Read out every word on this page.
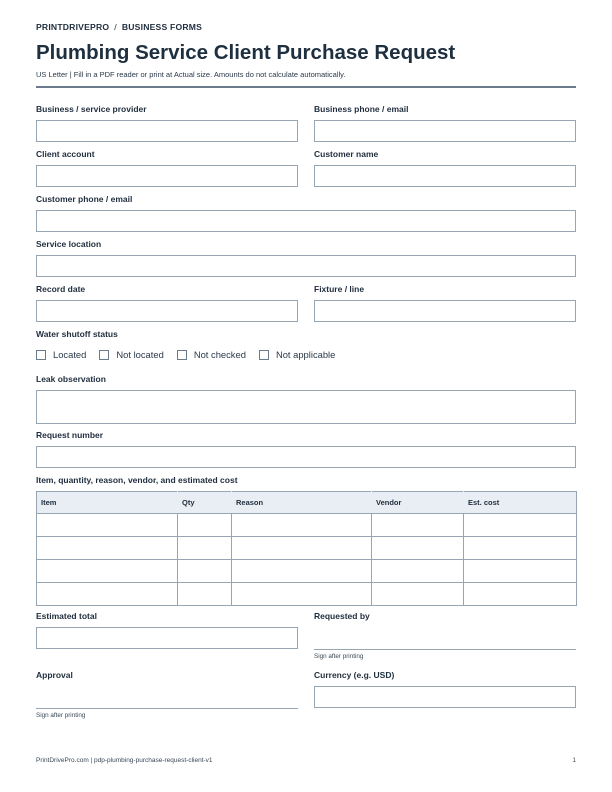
PRINTDRIVEPRO / BUSINESS FORMS
Plumbing Service Client Purchase Request
US Letter | Fill in a PDF reader or print at Actual size. Amounts do not calculate automatically.
Business / service provider	Business phone / email
Client account	Customer name
Customer phone / email
Service location
Record date	Fixture / line
Water shutoff status
Located	Not located	Not checked	Not applicable
Leak observation
Request number
Item, quantity, reason, vendor, and estimated cost
Item	Qty	Reason	Vendor	Est. cost

Estimated total	Requested by
Sign after printing
Approval
Sign after printing
Currency (e.g. USD)
PrintDrivePro.com | pdp-plumbing-purchase-request-client-v1	1
